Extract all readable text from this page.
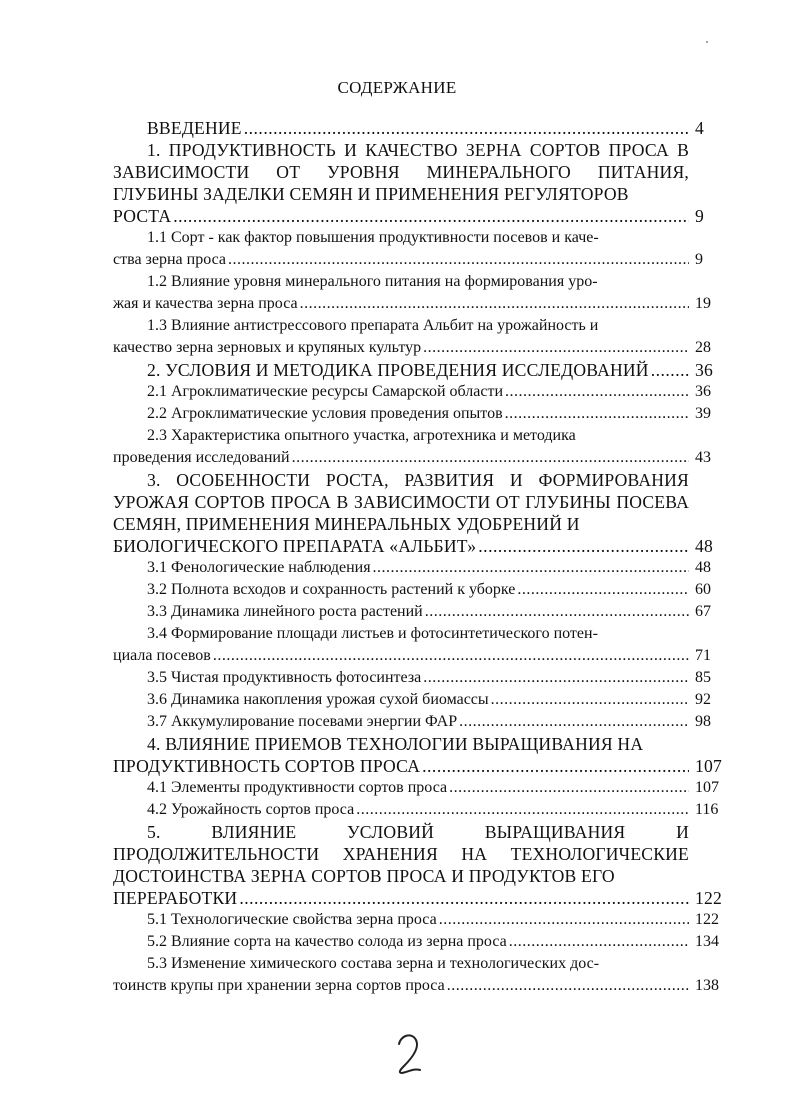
СОДЕРЖАНИЕ
ВВЕДЕНИЕ .....	4
1. ПРОДУКТИВНОСТЬ И КАЧЕСТВО ЗЕРНА СОРТОВ ПРОСА В ЗАВИСИМОСТИ ОТ УРОВНЯ МИНЕРАЛЬНОГО ПИТАНИЯ, ГЛУБИНЫ ЗАДЕЛКИ СЕМЯН И ПРИМЕНЕНИЯ РЕГУЛЯТОРОВ
РОСТА .....	9
1.1 Сорт - как фактор повышения продуктивности посевов и каче-
ства зерна проса .....	9
1.2 Влияние уровня минерального питания на формирования уро-
жая и качества зерна проса .....	19
1.3 Влияние антистрессового препарата Альбит на урожайность и
качество зерна зерновых и крупяных культур .....	28
2. УСЛОВИЯ И МЕТОДИКА ПРОВЕДЕНИЯ ИССЛЕДОВАНИЙ .....	36
2.1 Агроклиматические ресурсы Самарской области .....	36
2.2 Агроклиматические условия проведения опытов .....	39
2.3 Характеристика опытного участка, агротехника и методика
проведения исследований .....	43
3. ОСОБЕННОСТИ РОСТА, РАЗВИТИЯ И ФОРМИРОВАНИЯ УРОЖАЯ СОРТОВ ПРОСА В ЗАВИСИМОСТИ ОТ ГЛУБИНЫ ПОСЕВА СЕМЯН, ПРИМЕНЕНИЯ МИНЕРАЛЬНЫХ УДОБРЕНИЙ И
БИОЛОГИЧЕСКОГО ПРЕПАРАТА «АЛЬБИТ» .....	48
3.1 Фенологические наблюдения .....	48
3.2 Полнота всходов и сохранность растений к уборке .....	60
3.3 Динамика линейного роста растений .....	67
3.4 Формирование площади листьев и фотосинтетического потен-
циала посевов .....	71
3.5 Чистая продуктивность фотосинтеза .....	85
3.6 Динамика накопления урожая сухой биомассы .....	92
3.7 Аккумулирование посевами энергии ФАР .....	98
4. ВЛИЯНИЕ ПРИЕМОВ ТЕХНОЛОГИИ ВЫРАЩИВАНИЯ НА
ПРОДУКТИВНОСТЬ СОРТОВ ПРОСА .....	107
4.1 Элементы продуктивности сортов проса .....	107
4.2 Урожайность сортов проса .....	116
5. ВЛИЯНИЕ УСЛОВИЙ ВЫРАЩИВАНИЯ И ПРОДОЛЖИТЕЛЬНОСТИ ХРАНЕНИЯ НА ТЕХНОЛОГИЧЕСКИЕ ДОСТОИНСТВА ЗЕРНА СОРТОВ ПРОСА И ПРОДУКТОВ ЕГО
ПЕРЕРАБОТКИ .....	122
5.1 Технологические свойства зерна проса .....	122
5.2 Влияние сорта на качество солода из зерна проса .....	134
5.3 Изменение химического состава зерна и технологических дос-
тоинств крупы при хранении зерна сортов проса .....	138
